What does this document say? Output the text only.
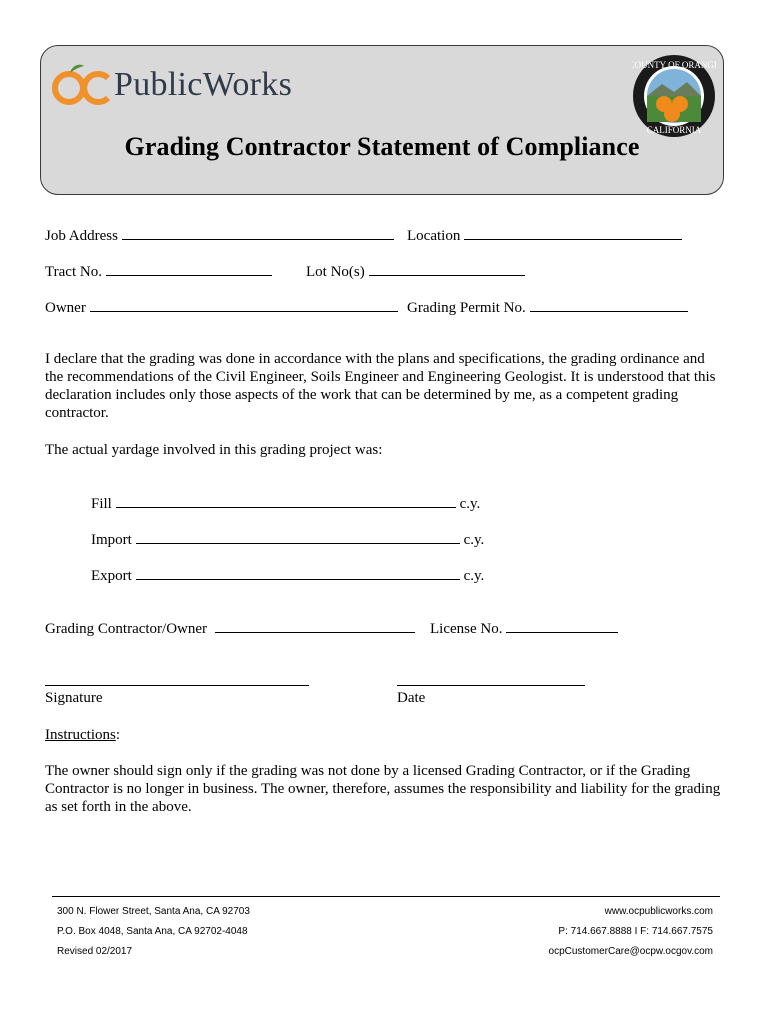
PublicWorks
COUNTY OF ORANGE
CALIFORNIA
Grading Contractor Statement of Compliance
Job Address	Location
Tract No.	Lot No(s)
Owner	Grading Permit No.
I declare that the grading was done in accordance with the plans and specifications, the grading ordinance and the recommendations of the Civil Engineer, Soils Engineer and Engineering Geologist. It is understood that this declaration includes only those aspects of the work that can be determined by me, as a competent grading contractor.
The actual yardage involved in this grading project was:
Fill	c.y.
Import	c.y.
Export	c.y.
Grading Contractor/Owner	License No.
Signature	Date
Instructions:
The owner should sign only if the grading was not done by a licensed Grading Contractor, or if the Grading Contractor is no longer in business. The owner, therefore, assumes the responsibility and liability for the grading as set forth in the above.
300 N. Flower Street, Santa Ana, CA 92703
P.O. Box 4048, Santa Ana, CA 92702-4048
Revised 02/2017
www.ocpublicworks.com
P: 714.667.8888 I F: 714.667.7575
ocpCustomerCare@ocpw.ocgov.com
